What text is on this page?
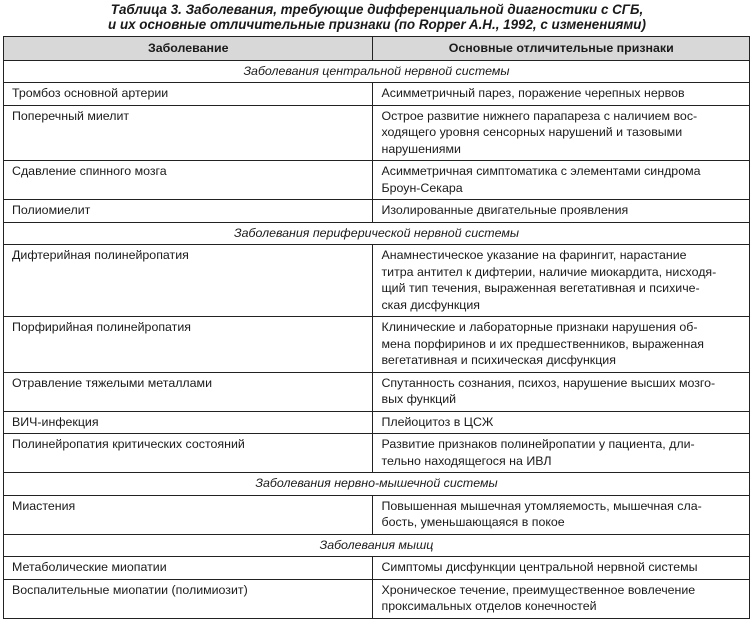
Таблица 3. Заболевания, требующие дифференциальной диагностики с СГБ,
и их основные отличительные признаки (по Ropper A.H., 1992, с изменениями)
Заболевание	Основные отличительные признаки
Заболевания центральной нервной системы	
Тромбоз основной артерии	Асимметричный парез, поражение черепных нервов
Поперечный миелит	Острое развитие нижнего парапареза с наличием вос-
ходящего уровня сенсорных нарушений и тазовыми
нарушениями
Сдавление спинного мозга	Асимметричная симптоматика с элементами синдрома
Броун-Секара
Полиомиелит	Изолированные двигательные проявления
Заболевания периферической нервной системы	
Дифтерийная полинейропатия	Анамнестическое указание на фарингит, нарастание
титра антител к дифтерии, наличие миокардита, нисходя-
щий тип течения, выраженная вегетативная и психиче-
ская дисфункция
Порфирийная полинейропатия	Клинические и лабораторные признаки нарушения об-
мена порфиринов и их предшественников, выраженная
вегетативная и психическая дисфункция
Отравление тяжелыми металлами	Спутанность сознания, психоз, нарушение высших мозго-
вых функций
ВИЧ-инфекция	Плейоцитоз в ЦСЖ
Полинейропатия критических состояний	Развитие признаков полинейропатии у пациента, дли-
тельно находящегося на ИВЛ
Заболевания нервно-мышечной системы	
Миастения	Повышенная мышечная утомляемость, мышечная сла-
бость, уменьшающаяся в покое
Заболевания мышц	
Метаболические миопатии	Симптомы дисфункции центральной нервной системы
Воспалительные миопатии (полимиозит)	Хроническое течение, преимущественное вовлечение
проксимальных отделов конечностей
